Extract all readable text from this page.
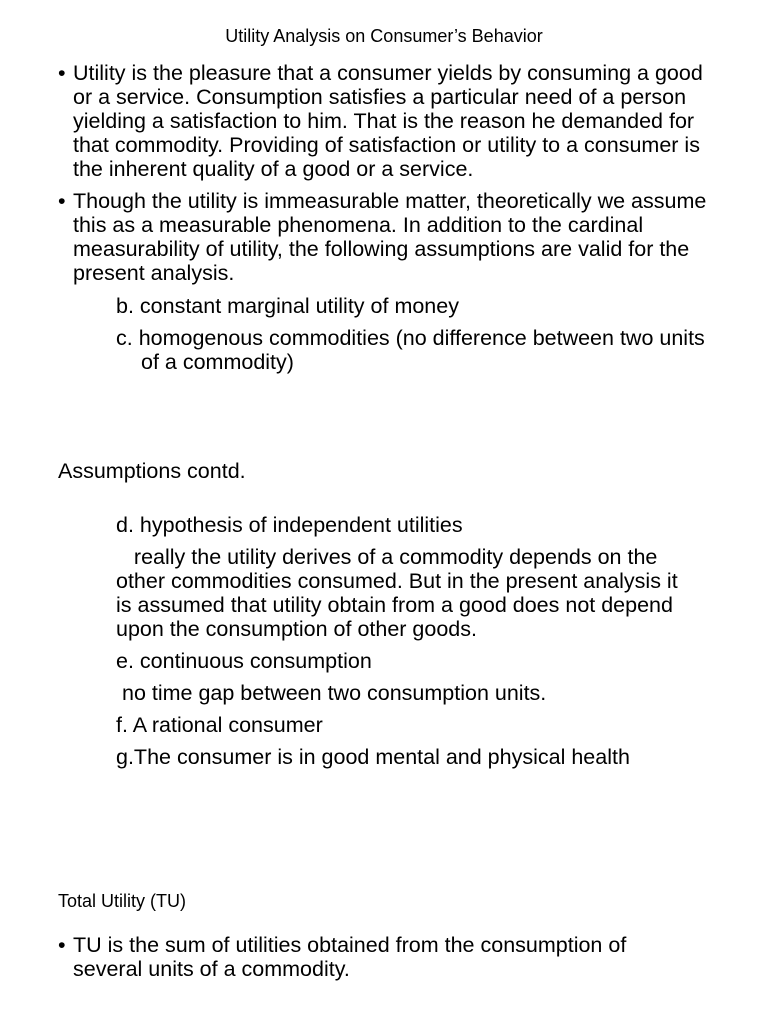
Utility Analysis on Consumer’s Behavior
• Utility is the pleasure that a consumer yields by consuming a good or a service. Consumption satisfies a particular need of a person yielding a satisfaction to him. That is the reason he demanded for that commodity. Providing of satisfaction or utility to a consumer is the inherent quality of a good or a service.
• Though the utility is immeasurable matter, theoretically we assume this as a measurable phenomena. In addition to the cardinal measurability of utility, the following assumptions are valid for the present analysis.
b. constant marginal utility of money
c. homogenous commodities (no difference between two units of a commodity)
Assumptions contd.
d. hypothesis of independent utilities
really the utility derives of a commodity depends on the other commodities consumed. But in the present analysis it is assumed that utility obtain from a good does not depend upon the consumption of other goods.
e. continuous consumption
no time gap between two consumption units.
f. A rational consumer
g.The consumer is in good mental and physical health
Total Utility (TU)
• TU is the sum of utilities obtained from the consumption of several units of a commodity.
